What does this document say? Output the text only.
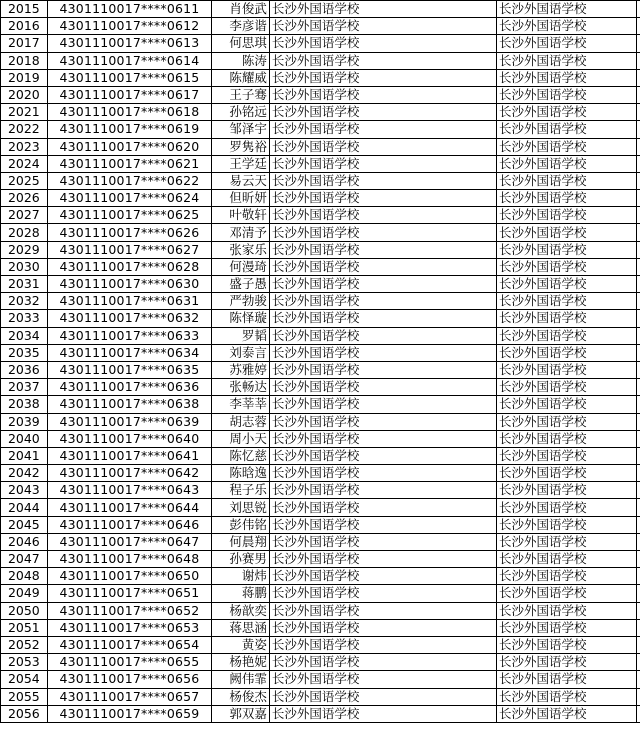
2015	4301110017****0611	肖俊武	长沙外国语学校	长沙外国语学校	
2016	4301110017****0612	李彦谐	长沙外国语学校	长沙外国语学校	
2017	4301110017****0613	何思琪	长沙外国语学校	长沙外国语学校	
2018	4301110017****0614	陈涛	长沙外国语学校	长沙外国语学校	
2019	4301110017****0615	陈耀威	长沙外国语学校	长沙外国语学校	
2020	4301110017****0617	王子骞	长沙外国语学校	长沙外国语学校	
2021	4301110017****0618	孙铭远	长沙外国语学校	长沙外国语学校	
2022	4301110017****0619	邹泽宇	长沙外国语学校	长沙外国语学校	
2023	4301110017****0620	罗隽裕	长沙外国语学校	长沙外国语学校	
2024	4301110017****0621	王学廷	长沙外国语学校	长沙外国语学校	
2025	4301110017****0622	易云天	长沙外国语学校	长沙外国语学校	
2026	4301110017****0624	但昕妍	长沙外国语学校	长沙外国语学校	
2027	4301110017****0625	叶敬轩	长沙外国语学校	长沙外国语学校	
2028	4301110017****0626	邓清予	长沙外国语学校	长沙外国语学校	
2029	4301110017****0627	张家乐	长沙外国语学校	长沙外国语学校	
2030	4301110017****0628	何漫琦	长沙外国语学校	长沙外国语学校	
2031	4301110017****0630	盛子愚	长沙外国语学校	长沙外国语学校	
2032	4301110017****0631	严勃骏	长沙外国语学校	长沙外国语学校	
2033	4301110017****0632	陈怿璇	长沙外国语学校	长沙外国语学校	
2034	4301110017****0633	罗韬	长沙外国语学校	长沙外国语学校	
2035	4301110017****0634	刘泰言	长沙外国语学校	长沙外国语学校	
2036	4301110017****0635	苏雅婷	长沙外国语学校	长沙外国语学校	
2037	4301110017****0636	张畅达	长沙外国语学校	长沙外国语学校	
2038	4301110017****0638	李莘莘	长沙外国语学校	长沙外国语学校	
2039	4301110017****0639	胡志蓉	长沙外国语学校	长沙外国语学校	
2040	4301110017****0640	周小天	长沙外国语学校	长沙外国语学校	
2041	4301110017****0641	陈忆慈	长沙外国语学校	长沙外国语学校	
2042	4301110017****0642	陈晗逸	长沙外国语学校	长沙外国语学校	
2043	4301110017****0643	程子乐	长沙外国语学校	长沙外国语学校	
2044	4301110017****0644	刘思锐	长沙外国语学校	长沙外国语学校	
2045	4301110017****0646	彭伟铭	长沙外国语学校	长沙外国语学校	
2046	4301110017****0647	何晨翔	长沙外国语学校	长沙外国语学校	
2047	4301110017****0648	孙赛男	长沙外国语学校	长沙外国语学校	
2048	4301110017****0650	谢炜	长沙外国语学校	长沙外国语学校	
2049	4301110017****0651	蒋鹏	长沙外国语学校	长沙外国语学校	
2050	4301110017****0652	杨歆奕	长沙外国语学校	长沙外国语学校	
2051	4301110017****0653	蒋思涵	长沙外国语学校	长沙外国语学校	
2052	4301110017****0654	黄姿	长沙外国语学校	长沙外国语学校	
2053	4301110017****0655	杨艳妮	长沙外国语学校	长沙外国语学校	
2054	4301110017****0656	阙伟霏	长沙外国语学校	长沙外国语学校	
2055	4301110017****0657	杨俊杰	长沙外国语学校	长沙外国语学校	
2056	4301110017****0659	郭双嘉	长沙外国语学校	长沙外国语学校	
